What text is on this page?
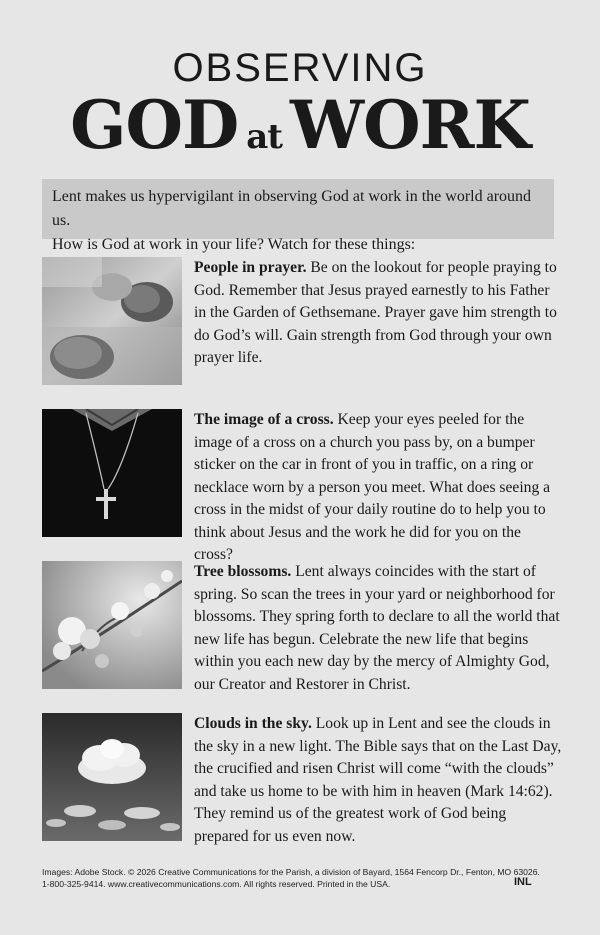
OBSERVING
GOD at WORK
Lent makes us hypervigilant in observing God at work in the world around us.
How is God at work in your life? Watch for these things:
People in prayer. Be on the lookout for people praying to God. Remember that Jesus prayed earnestly to his Father in the Garden of Gethsemane. Prayer gave him strength to do God’s will. Gain strength from God through your own prayer life.
The image of a cross. Keep your eyes peeled for the image of a cross on a church you pass by, on a bumper sticker on the car in front of you in traffic, on a ring or necklace worn by a person you meet. What does seeing a cross in the midst of your daily routine do to help you to think about Jesus and the work he did for you on the cross?
Tree blossoms. Lent always coincides with the start of spring. So scan the trees in your yard or neighborhood for blossoms. They spring forth to declare to all the world that new life has begun. Celebrate the new life that begins within you each new day by the mercy of Almighty God, our Creator and Restorer in Christ.
Clouds in the sky. Look up in Lent and see the clouds in the sky in a new light. The Bible says that on the Last Day, the crucified and risen Christ will come “with the clouds” and take us home to be with him in heaven (Mark 14:62). They remind us of the greatest work of God being prepared for us even now.
Images: Adobe Stock. © 2026 Creative Communications for the Parish, a division of Bayard, 1564 Fencorp Dr., Fenton, MO 63026.
1-800-325-9414. www.creativecommunications.com. All rights reserved. Printed in the USA.	INL
